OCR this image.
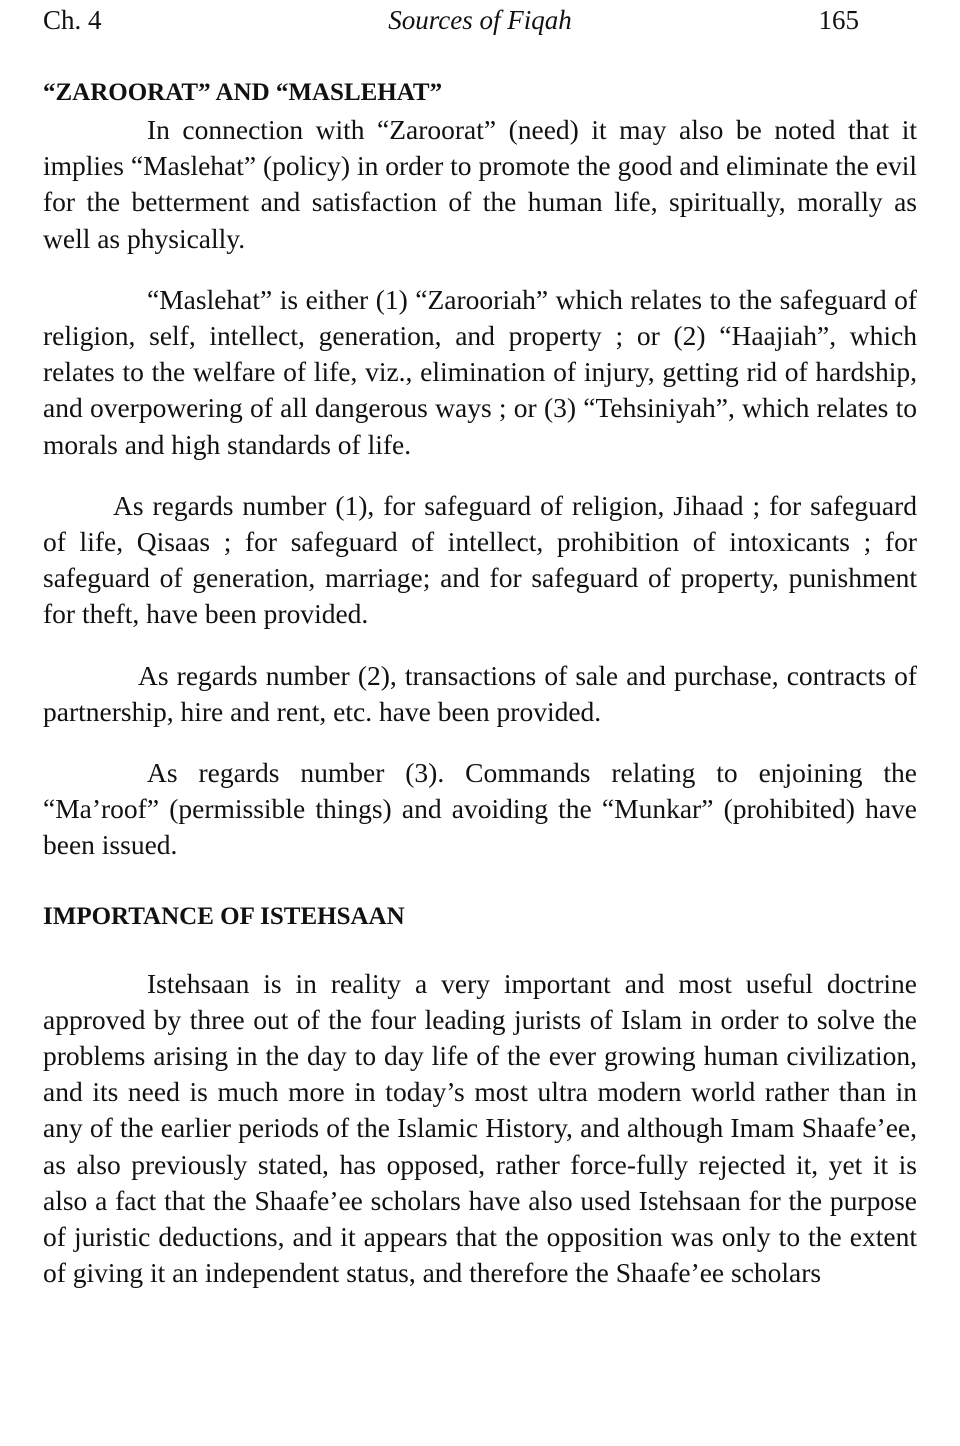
Ch. 4	Sources of Fiqah	165
“ZAROORAT” AND “MASLEHAT”

In connection with “Zaroorat” (need) it may also be noted that it implies “Maslehat” (policy) in order to promote the good and eliminate the evil for the betterment and satisfaction of the human life, spiritually, morally as well as physically.

“Maslehat” is either (1) “Zarooriah” which relates to the safeguard of religion, self, intellect, generation, and property ; or (2) “Haajiah”, which relates to the welfare of life, viz., elimination of injury, getting rid of hardship, and overpowering of all dangerous ways ; or (3) “Tehsiniyah”, which relates to morals and high standards of life.

As regards number (1), for safeguard of religion, Jihaad ; for safeguard of life, Qisaas ; for safeguard of intellect, prohibition of intoxicants ; for safeguard of generation, marriage; and for safeguard of property, punishment for theft, have been provided.

As regards number (2), transactions of sale and purchase, contracts of partnership, hire and rent, etc. have been provided.

As regards number (3). Commands relating to enjoining the “Ma’roof” (permissible things) and avoiding the “Munkar” (prohibited) have been issued.

IMPORTANCE OF ISTEHSAAN

Istehsaan is in reality a very important and most useful doctrine approved by three out of the four leading jurists of Islam in order to solve the problems arising in the day to day life of the ever growing human civilization, and its need is much more in today’s most ultra modern world rather than in any of the earlier periods of the Islamic History, and although Imam Shaafe’ee, as also previously stated, has opposed, rather force-fully rejected it, yet it is also a fact that the Shaafe’ee scholars have also used Istehsaan for the purpose of juristic deductions, and it appears that the opposition was only to the extent of giving it an independent status, and therefore the Shaafe’ee scholars
